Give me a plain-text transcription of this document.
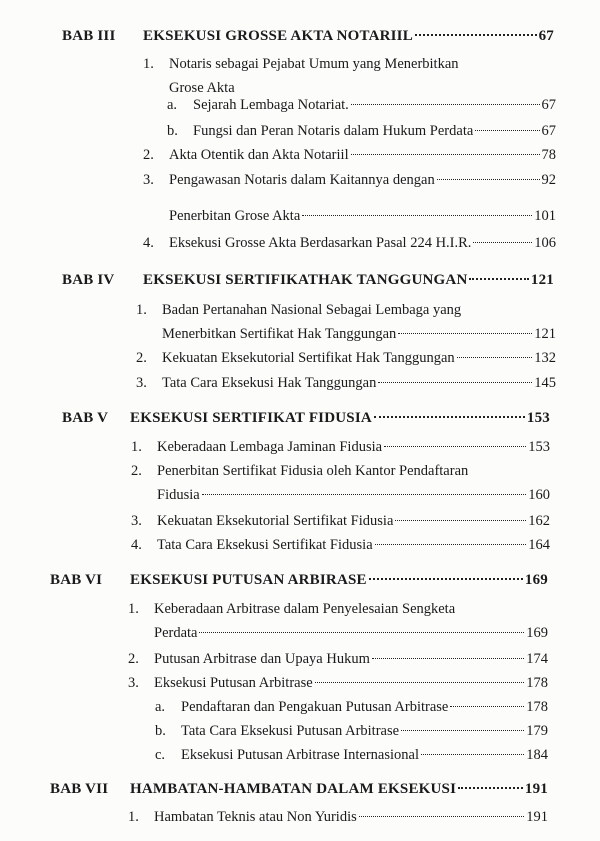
BAB III EKSEKUSI GROSSE AKTA NOTARIIL	67
1. Notaris sebagai Pejabat Umum yang Menerbitkan
Grose Akta
a. Sejarah Lembaga Notariat.	67
b. Fungsi dan Peran Notaris dalam Hukum Perdata	67
2. Akta Otentik dan Akta Notariil	78
3. Pengawasan Notaris dalam Kaitannya dengan	92
Penerbitan Grose Akta	101
4. Eksekusi Grosse Akta Berdasarkan Pasal 224 H.I.R.	106
BAB IV EKSEKUSI SERTIFIKATHAK TANGGUNGAN	121
1. Badan Pertanahan Nasional Sebagai Lembaga yang
Menerbitkan Sertifikat Hak Tanggungan	121
2. Kekuatan Eksekutorial Sertifikat Hak Tanggungan	132
3. Tata Cara Eksekusi Hak Tanggungan	145
BAB V EKSEKUSI SERTIFIKAT FIDUSIA	153
1. Keberadaan Lembaga Jaminan Fidusia	153
2. Penerbitan Sertifikat Fidusia oleh Kantor Pendaftaran
Fidusia	160
3. Kekuatan Eksekutorial Sertifikat Fidusia	162
4. Tata Cara Eksekusi Sertifikat Fidusia	164
BAB VI EKSEKUSI PUTUSAN ARBIRASE	169
1. Keberadaan Arbitrase dalam Penyelesaian Sengketa
Perdata	169
2. Putusan Arbitrase dan Upaya Hukum	174
3. Eksekusi Putusan Arbitrase	178
a. Pendaftaran dan Pengakuan Putusan Arbitrase	178
b. Tata Cara Eksekusi Putusan Arbitrase	179
c. Eksekusi Putusan Arbitrase Internasional	184
BAB VII HAMBATAN-HAMBATAN DALAM EKSEKUSI	191
1. Hambatan Teknis atau Non Yuridis	191
